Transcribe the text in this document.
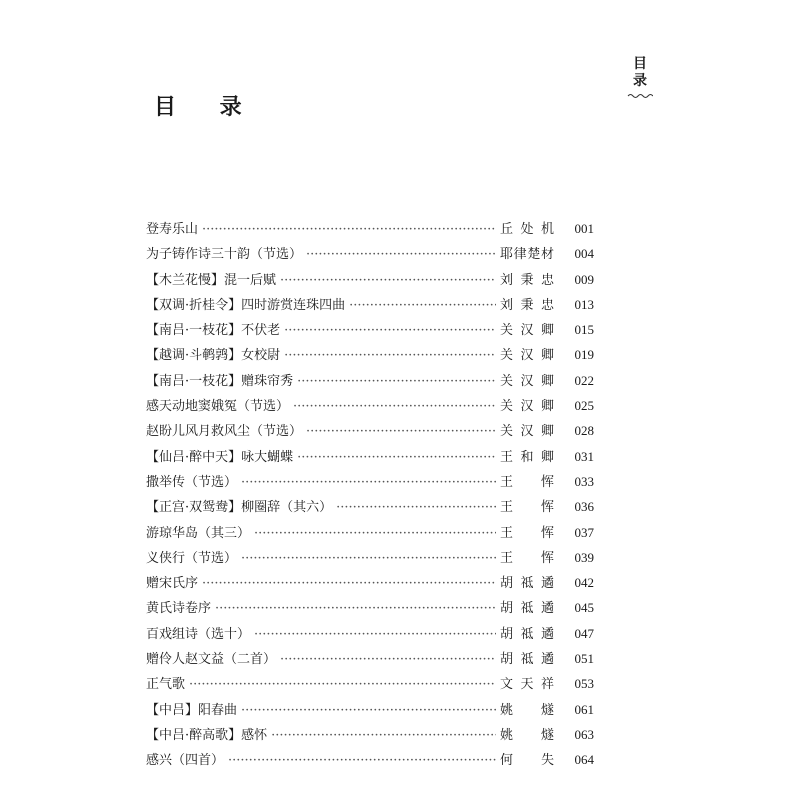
目
录
目 录
登寿乐山 ·····	丘处机	001
为子铸作诗三十韵（节选） ·····	耶律楚材	004
【木兰花慢】混一后赋 ·····	刘秉忠	009
【双调·折桂令】四时游赏连珠四曲 ·····	刘秉忠	013
【南吕·一枝花】不伏老 ·····	关汉卿	015
【越调·斗鹌鹑】女校尉 ·····	关汉卿	019
【南吕·一枝花】赠珠帘秀 ·····	关汉卿	022
感天动地窦娥冤（节选） ·····	关汉卿	025
赵盼儿风月救风尘（节选） ·····	关汉卿	028
【仙吕·醉中天】咏大蝴蝶 ·····	王和卿	031
撒举传（节选） ·····	王 恽	033
【正宫·双鸳鸯】柳圈辞（其六） ·····	王 恽	036
游琼华岛（其三） ·····	王 恽	037
义侠行（节选） ·····	王 恽	039
赠宋氏序 ·····	胡祗遹	042
黄氏诗卷序 ·····	胡祗遹	045
百戏组诗（选十） ·····	胡祗遹	047
赠伶人赵文益（二首） ·····	胡祗遹	051
正气歌 ·····	文天祥	053
【中吕】阳春曲 ·····	姚 燧	061
【中吕·醉高歌】感怀 ·····	姚 燧	063
感兴（四首） ·····	何 失	064
